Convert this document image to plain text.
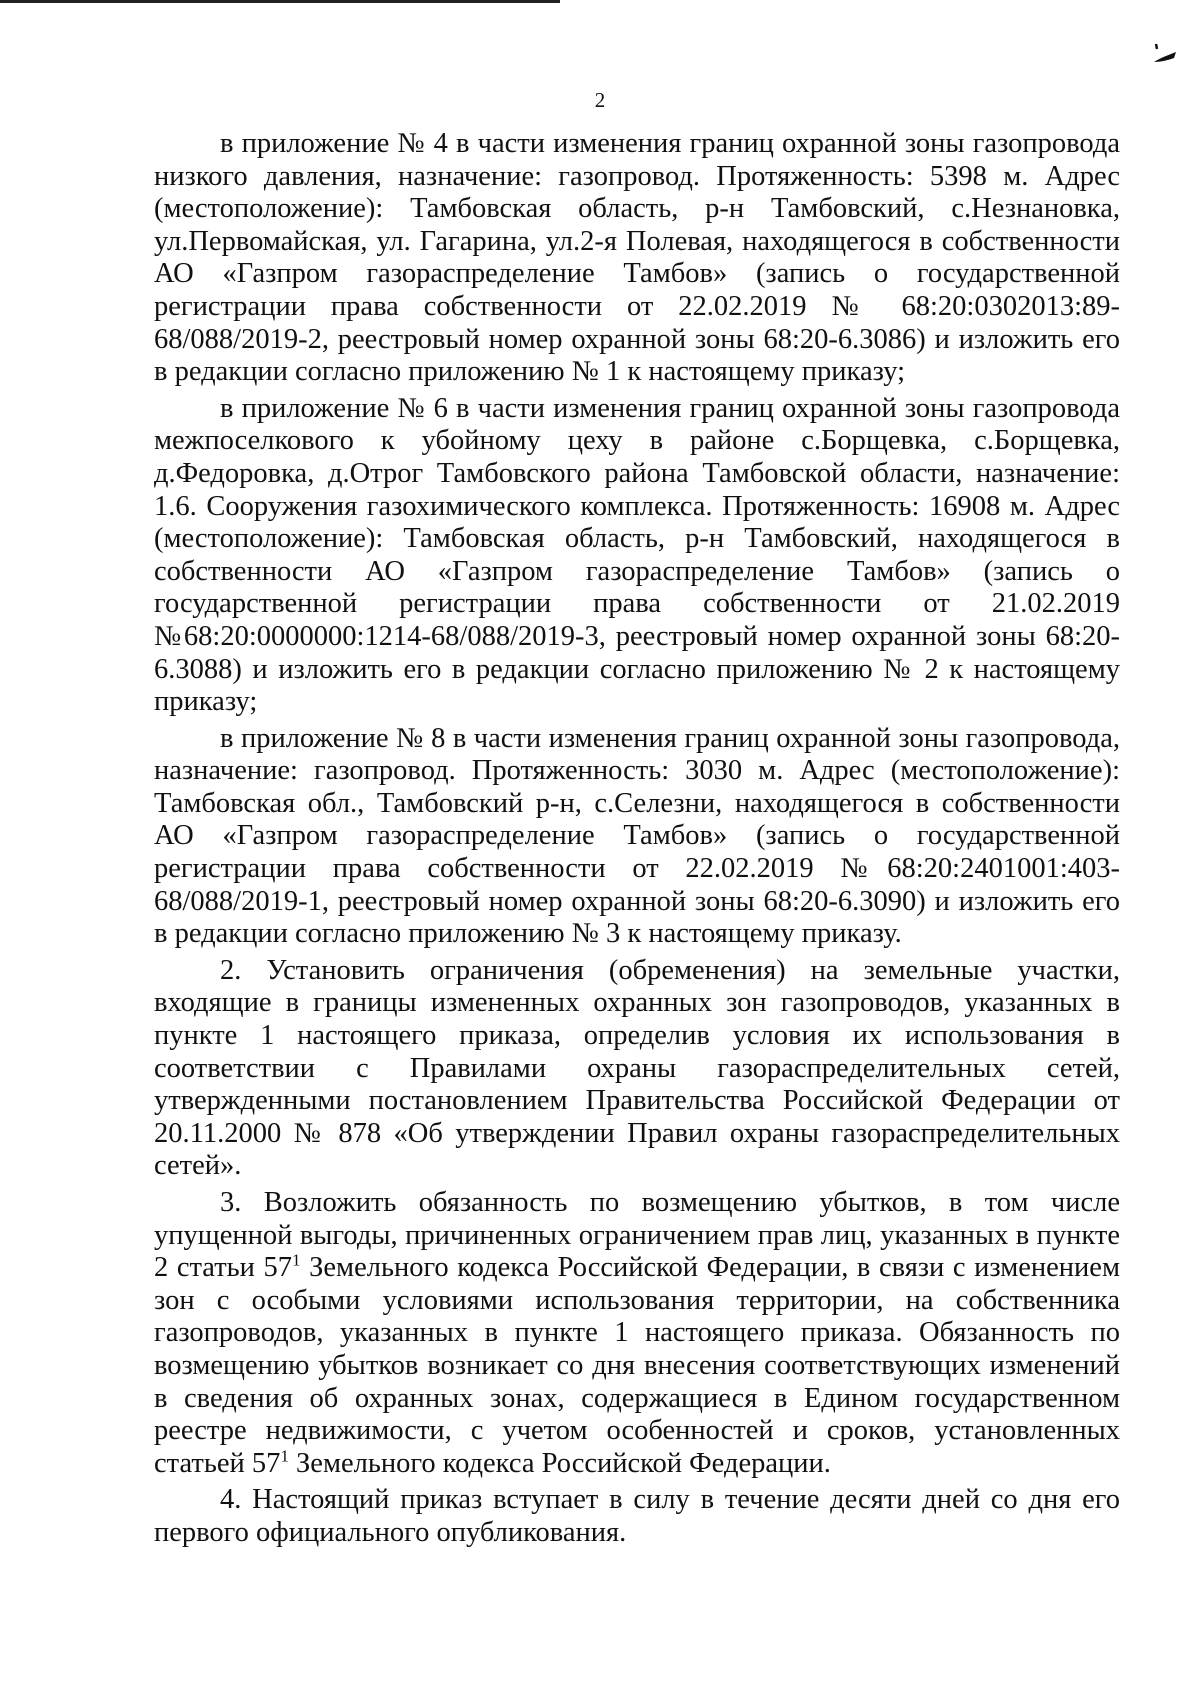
2

в приложение № 4 в части изменения границ охранной зоны газопровода низкого давления, назначение: газопровод. Протяженность: 5398 м. Адрес (местоположение): Тамбовская область, р-н Тамбовский, с.Незнановка, ул.Первомайская, ул. Гагарина, ул.2-я Полевая, находящегося в собственности АО «Газпром газораспределение Тамбов» (запись о государственной регистрации права собственности от 22.02.2019 № 68:20:0302013:89-68/088/2019-2, реестровый номер охранной зоны 68:20-6.3086) и изложить его в редакции согласно приложению № 1 к настоящему приказу;

в приложение № 6 в части изменения границ охранной зоны газопровода межпоселкового к убойному цеху в районе с.Борщевка, с.Борщевка, д.Федоровка, д.Отрог Тамбовского района Тамбовской области, назначение: 1.6. Сооружения газохимического комплекса. Протяженность: 16908 м. Адрес (местоположение): Тамбовская область, р-н Тамбовский, находящегося в собственности АО «Газпром газораспределение Тамбов» (запись о государственной регистрации права собственности от 21.02.2019 №68:20:0000000:1214-68/088/2019-3, реестровый номер охранной зоны 68:20-6.3088) и изложить его в редакции согласно приложению № 2 к настоящему приказу;

в приложение № 8 в части изменения границ охранной зоны газопровода, назначение: газопровод. Протяженность: 3030 м. Адрес (местоположение): Тамбовская обл., Тамбовский р-н, с.Селезни, находящегося в собственности АО «Газпром газораспределение Тамбов» (запись о государственной регистрации права собственности от 22.02.2019 №68:20:2401001:403-68/088/2019-1, реестровый номер охранной зоны 68:20-6.3090) и изложить его в редакции согласно приложению № 3 к настоящему приказу.

2. Установить ограничения (обременения) на земельные участки, входящие в границы измененных охранных зон газопроводов, указанных в пункте 1 настоящего приказа, определив условия их использования в соответствии с Правилами охраны газораспределительных сетей, утвержденными постановлением Правительства Российской Федерации от 20.11.2000 № 878 «Об утверждении Правил охраны газораспределительных сетей».

3. Возложить обязанность по возмещению убытков, в том числе упущенной выгоды, причиненных ограничением прав лиц, указанных в пункте 2 статьи $57^1$ Земельного кодекса Российской Федерации, в связи с изменением зон с особыми условиями использования территории, на собственника газопроводов, указанных в пункте 1 настоящего приказа. Обязанность по возмещению убытков возникает со дня внесения соответствующих изменений в сведения об охранных зонах, содержащиеся в Едином государственном реестре недвижимости, с учетом особенностей и сроков, установленных статьей $57^1$ Земельного кодекса Российской Федерации.

4. Настоящий приказ вступает в силу в течение десяти дней со дня его первого официального опубликования.
